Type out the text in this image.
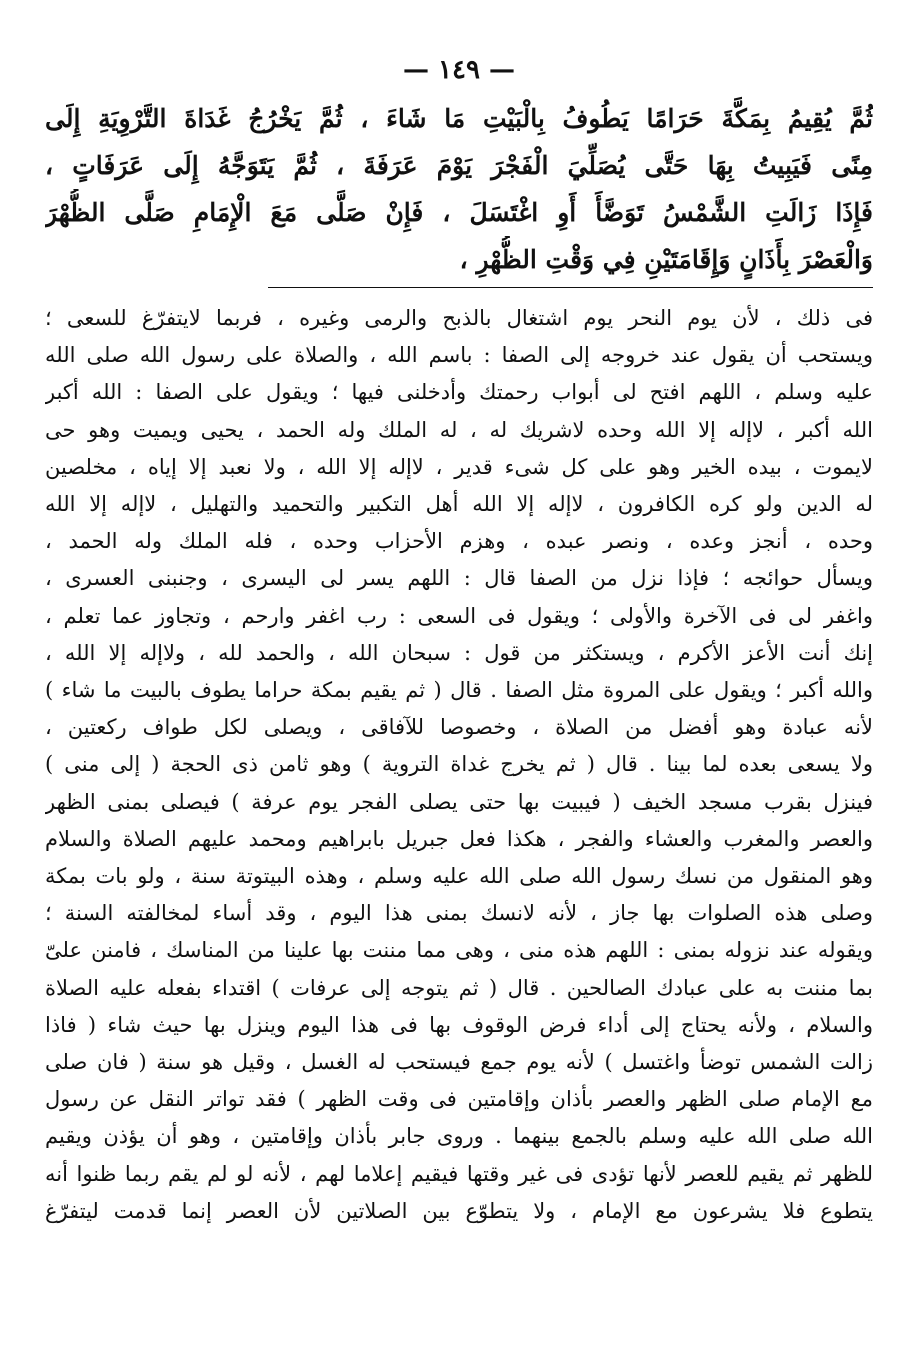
— ١٤٩ —
ثُمَّ يُقِيمُ بِمَكَّةَ حَرَامًا يَطُوفُ بِالْبَيْتِ مَا شَاءَ ، ثُمَّ يَخْرُجُ غَدَاةَ التَّرْوِيَةِ إِلَى
مِنًى فَيَبِيتُ بِهَا حَتَّى يُصَلِّيَ الْفَجْرَ يَوْمَ عَرَفَةَ ، ثُمَّ يَتَوَجَّهُ إِلَى عَرَفَاتٍ ،
فَإِذَا زَالَتِ الشَّمْسُ تَوَضَّأَ أَوِ اغْتَسَلَ ، فَإِنْ صَلَّى مَعَ الْإِمَامِ صَلَّى الظُّهْرَ
وَالْعَصْرَ بِأَذَانٍ وَإِقَامَتَيْنِ فِي وَقْتِ الظُّهْرِ ،
فى ذلك ، لأن يوم النحر يوم اشتغال بالذبح والرمى وغيره ، فربما لايتفرّغ للسعى ؛
ويستحب أن يقول عند خروجه إلى الصفا : باسم الله ، والصلاة على رسول الله صلى الله
عليه وسلم ، اللهم افتح لى أبواب رحمتك وأدخلنى فيها ؛ ويقول على الصفا : الله أكبر
الله أكبر ، لاإله إلا الله وحده لاشريك له ، له الملك وله الحمد ، يحيى ويميت وهو حى
لايموت ، بيده الخير وهو على كل شىء قدير ، لاإله إلا الله ، ولا نعبد إلا إياه ، مخلصين
له الدين ولو كره الكافرون ، لاإله إلا الله أهل التكبير والتحميد والتهليل ، لاإله إلا الله
وحده ، أنجز وعده ، ونصر عبده ، وهزم الأحزاب وحده ، فله الملك وله الحمد ،
ويسأل حوائجه ؛ فإذا نزل من الصفا قال : اللهم يسر لى اليسرى ، وجنبنى العسرى ،
واغفر لى فى الآخرة والأولى ؛ ويقول فى السعى : رب اغفر وارحم ، وتجاوز عما تعلم ،
إنك أنت الأعز الأكرم ، ويستكثر من قول : سبحان الله ، والحمد لله ، ولاإله إلا الله ،
والله أكبر ؛ ويقول على المروة مثل الصفا . قال ( ثم يقيم بمكة حراما يطوف بالبيت ما شاء )
لأنه عبادة وهو أفضل من الصلاة ، وخصوصا للآفاقى ، ويصلى لكل طواف ركعتين ،
ولا يسعى بعده لما بينا . قال ( ثم يخرج غداة التروية ) وهو ثامن ذى الحجة ( إلى منى )
فينزل بقرب مسجد الخيف ( فيبيت بها حتى يصلى الفجر يوم عرفة ) فيصلى بمنى الظهر
والعصر والمغرب والعشاء والفجر ، هكذا فعل جبريل بابراهيم ومحمد عليهم الصلاة والسلام
وهو المنقول من نسك رسول الله صلى الله عليه وسلم ، وهذه البيتوتة سنة ، ولو بات بمكة
وصلى هذه الصلوات بها جاز ، لأنه لانسك بمنى هذا اليوم ، وقد أساء لمخالفته السنة ؛
ويقوله عند نزوله بمنى : اللهم هذه منى ، وهى مما مننت بها علينا من المناسك ، فامنن علىّ
بما مننت به على عبادك الصالحين . قال ( ثم يتوجه إلى عرفات ) اقتداء بفعله عليه الصلاة
والسلام ، ولأنه يحتاج إلى أداء فرض الوقوف بها فى هذا اليوم وينزل بها حيث شاء ( فاذا
زالت الشمس توضأ واغتسل ) لأنه يوم جمع فيستحب له الغسل ، وقيل هو سنة ( فان صلى
مع الإمام صلى الظهر والعصر بأذان وإقامتين فى وقت الظهر ) فقد تواتر النقل عن رسول
الله صلى الله عليه وسلم بالجمع بينهما . وروى جابر بأذان وإقامتين ، وهو أن يؤذن ويقيم
للظهر ثم يقيم للعصر لأنها تؤدى فى غير وقتها فيقيم إعلاما لهم ، لأنه لو لم يقم ربما ظنوا أنه
يتطوع فلا يشرعون مع الإمام ، ولا يتطوّع بين الصلاتين لأن العصر إنما قدمت ليتفرّغ
